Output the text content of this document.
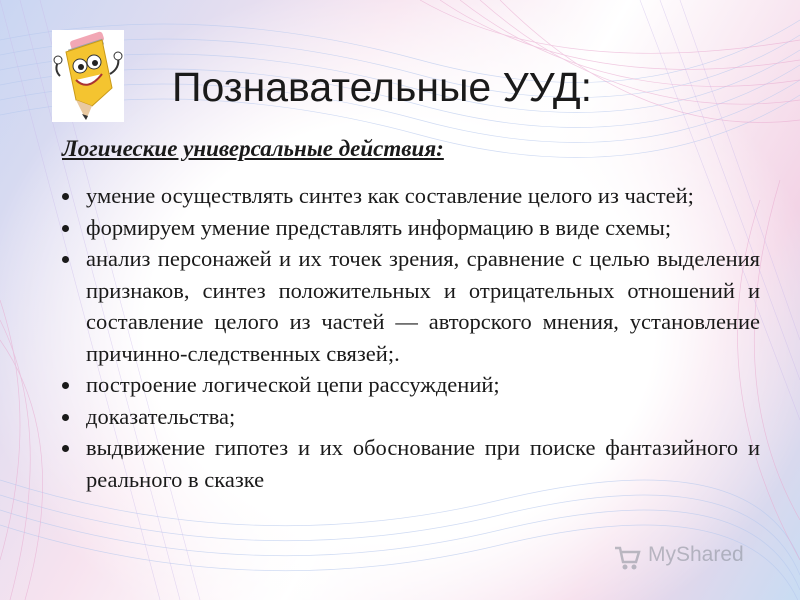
Познавательные УУД:
Логические универсальные действия:
умение осуществлять синтез как составление целого из частей;
формируем умение представлять информацию в виде схемы;
анализ персонажей и их точек зрения, сравнение с целью выделения признаков, синтез положительных и отрицательных отношений и составление целого из частей — авторского мнения, установление причинно-следственных связей;.
построение логической цепи рассуждений;
доказательства;
выдвижение гипотез и их обоснование при поиске фантазийного и реального в сказке
MyShared
